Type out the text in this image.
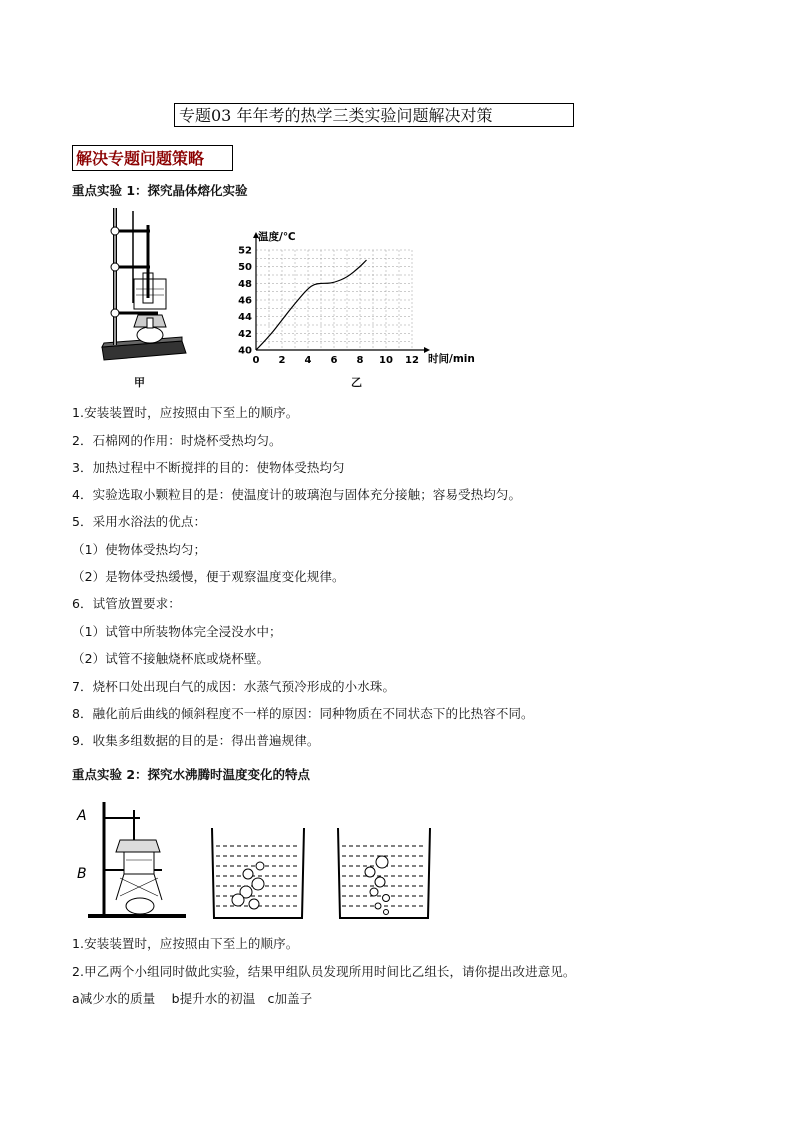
专题03 年年考的热学三类实验问题解决对策
解决专题问题策略
重点实验 1：探究晶体熔化实验
甲
0 2 4 6 8 10 12
40
42
44
46
48
50
52
温度/℃
时间/min
乙
1.安装装置时，应按照由下至上的顺序。
2．石棉网的作用：时烧杯受热均匀。
3．加热过程中不断搅拌的目的：使物体受热均匀
4．实验选取小颗粒目的是：使温度计的玻璃泡与固体充分接触；容易受热均匀。
5．采用水浴法的优点：
（1）使物体受热均匀；
（2）是物体受热缓慢，便于观察温度变化规律。
6．试管放置要求：
（1）试管中所装物体完全浸没水中；
（2）试管不接触烧杯底或烧杯壁。
7．烧杯口处出现白气的成因：水蒸气预冷形成的小水珠。
8．融化前后曲线的倾斜程度不一样的原因：同种物质在不同状态下的比热容不同。
9．收集多组数据的目的是：得出普遍规律。
重点实验 2：探究水沸腾时温度变化的特点
A
B
1.安装装置时，应按照由下至上的顺序。
2.甲乙两个小组同时做此实验，结果甲组队员发现所用时间比乙组长，请你提出改进意见。
a减少水的质量    b提升水的初温   c加盖子
